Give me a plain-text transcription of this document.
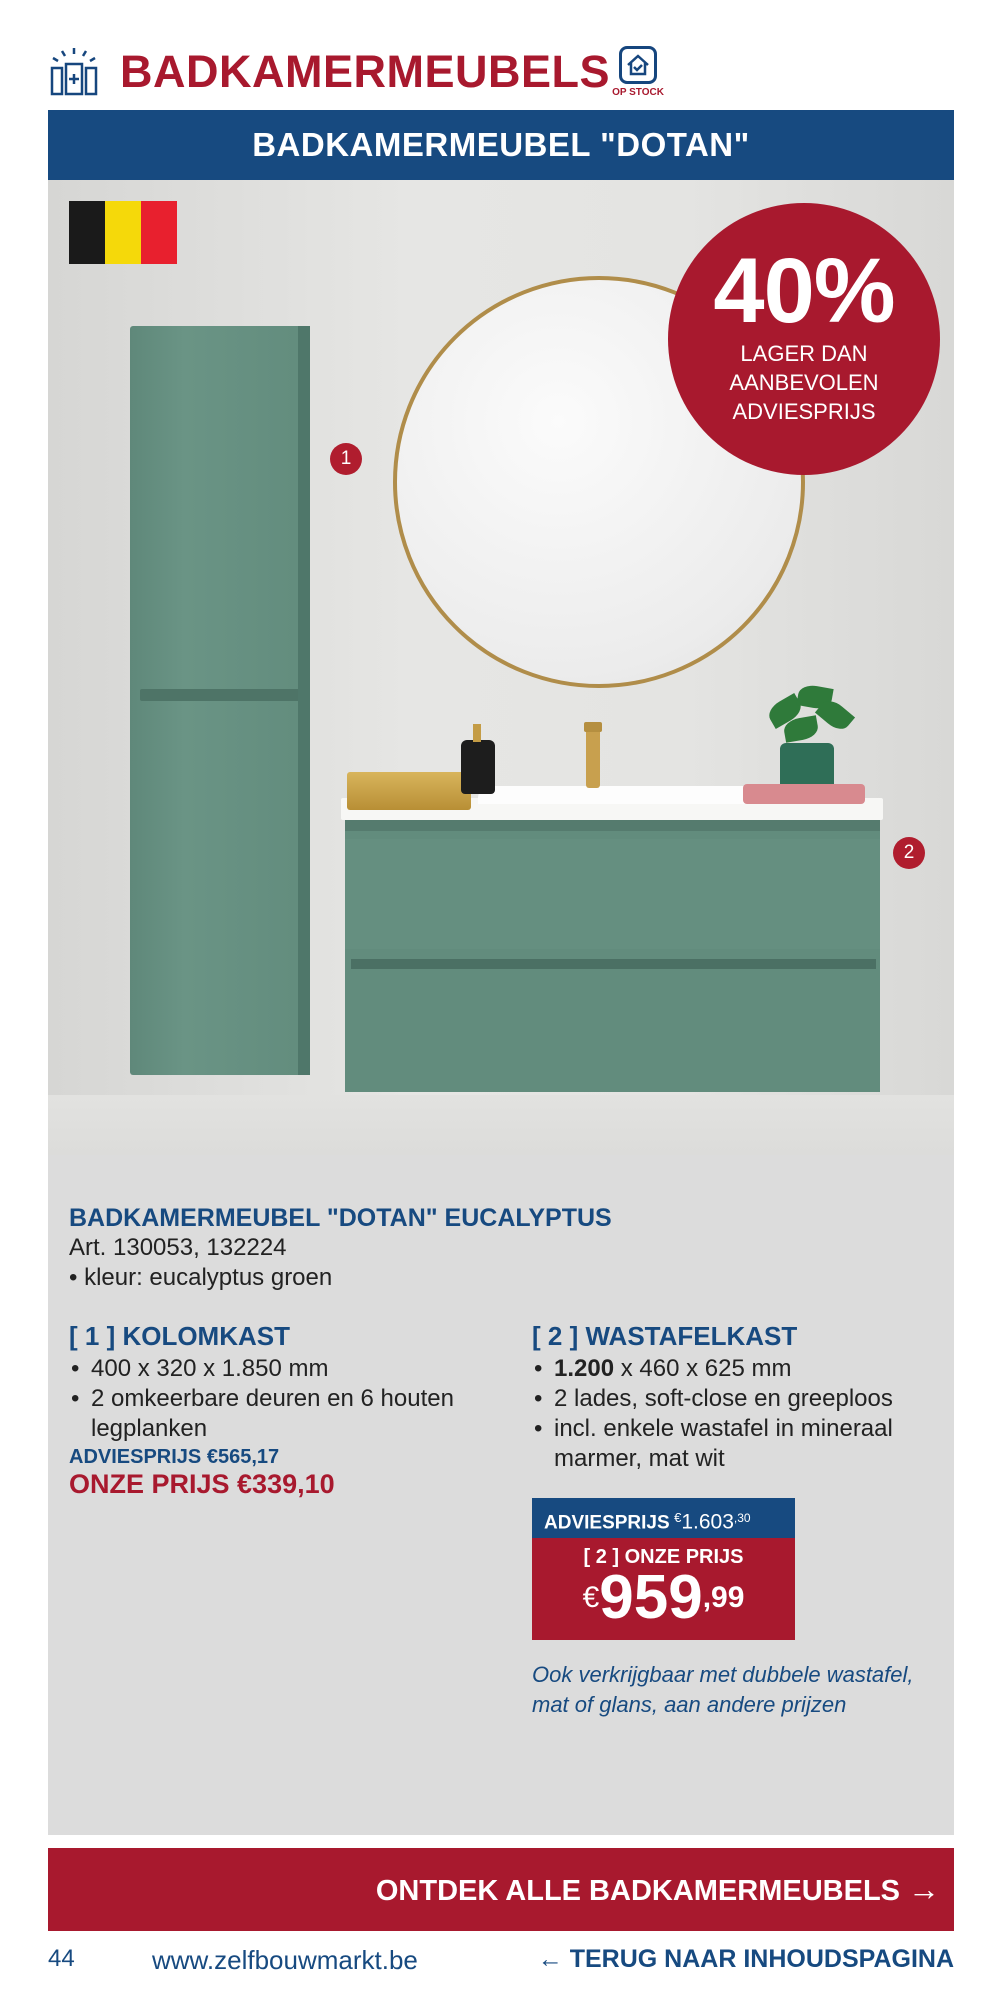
BADKAMERMEUBELS OP STOCK
BADKAMERMEUBEL "DOTAN"
1
2
40%
LAGER DAN
AANBEVOLEN
ADVIESPRIJS
BADKAMERMEUBEL "DOTAN" EUCALYPTUS
Art. 130053, 132224
• kleur: eucalyptus groen
[ 1 ] KOLOMKAST
• 400 x 320 x 1.850 mm
• 2 omkeerbare deuren en 6 houten legplanken
ADVIESPRIJS €565,17
ONZE PRIJS €339,10
[ 2 ] WASTAFELKAST
• 1.200 x 460 x 625 mm
• 2 lades, soft-close en greeploos
• incl. enkele wastafel in mineraal marmer, mat wit
ADVIESPRIJS $^€1.603^{,30}$
[ 2 ] ONZE PRIJS
€959,99
Ook verkrijgbaar met dubbele wastafel, mat of glans, aan andere prijzen
ONTDEK ALLE BADKAMERMEUBELS →
44	www.zelfbouwmarkt.be	← TERUG NAAR INHOUDSPAGINA
